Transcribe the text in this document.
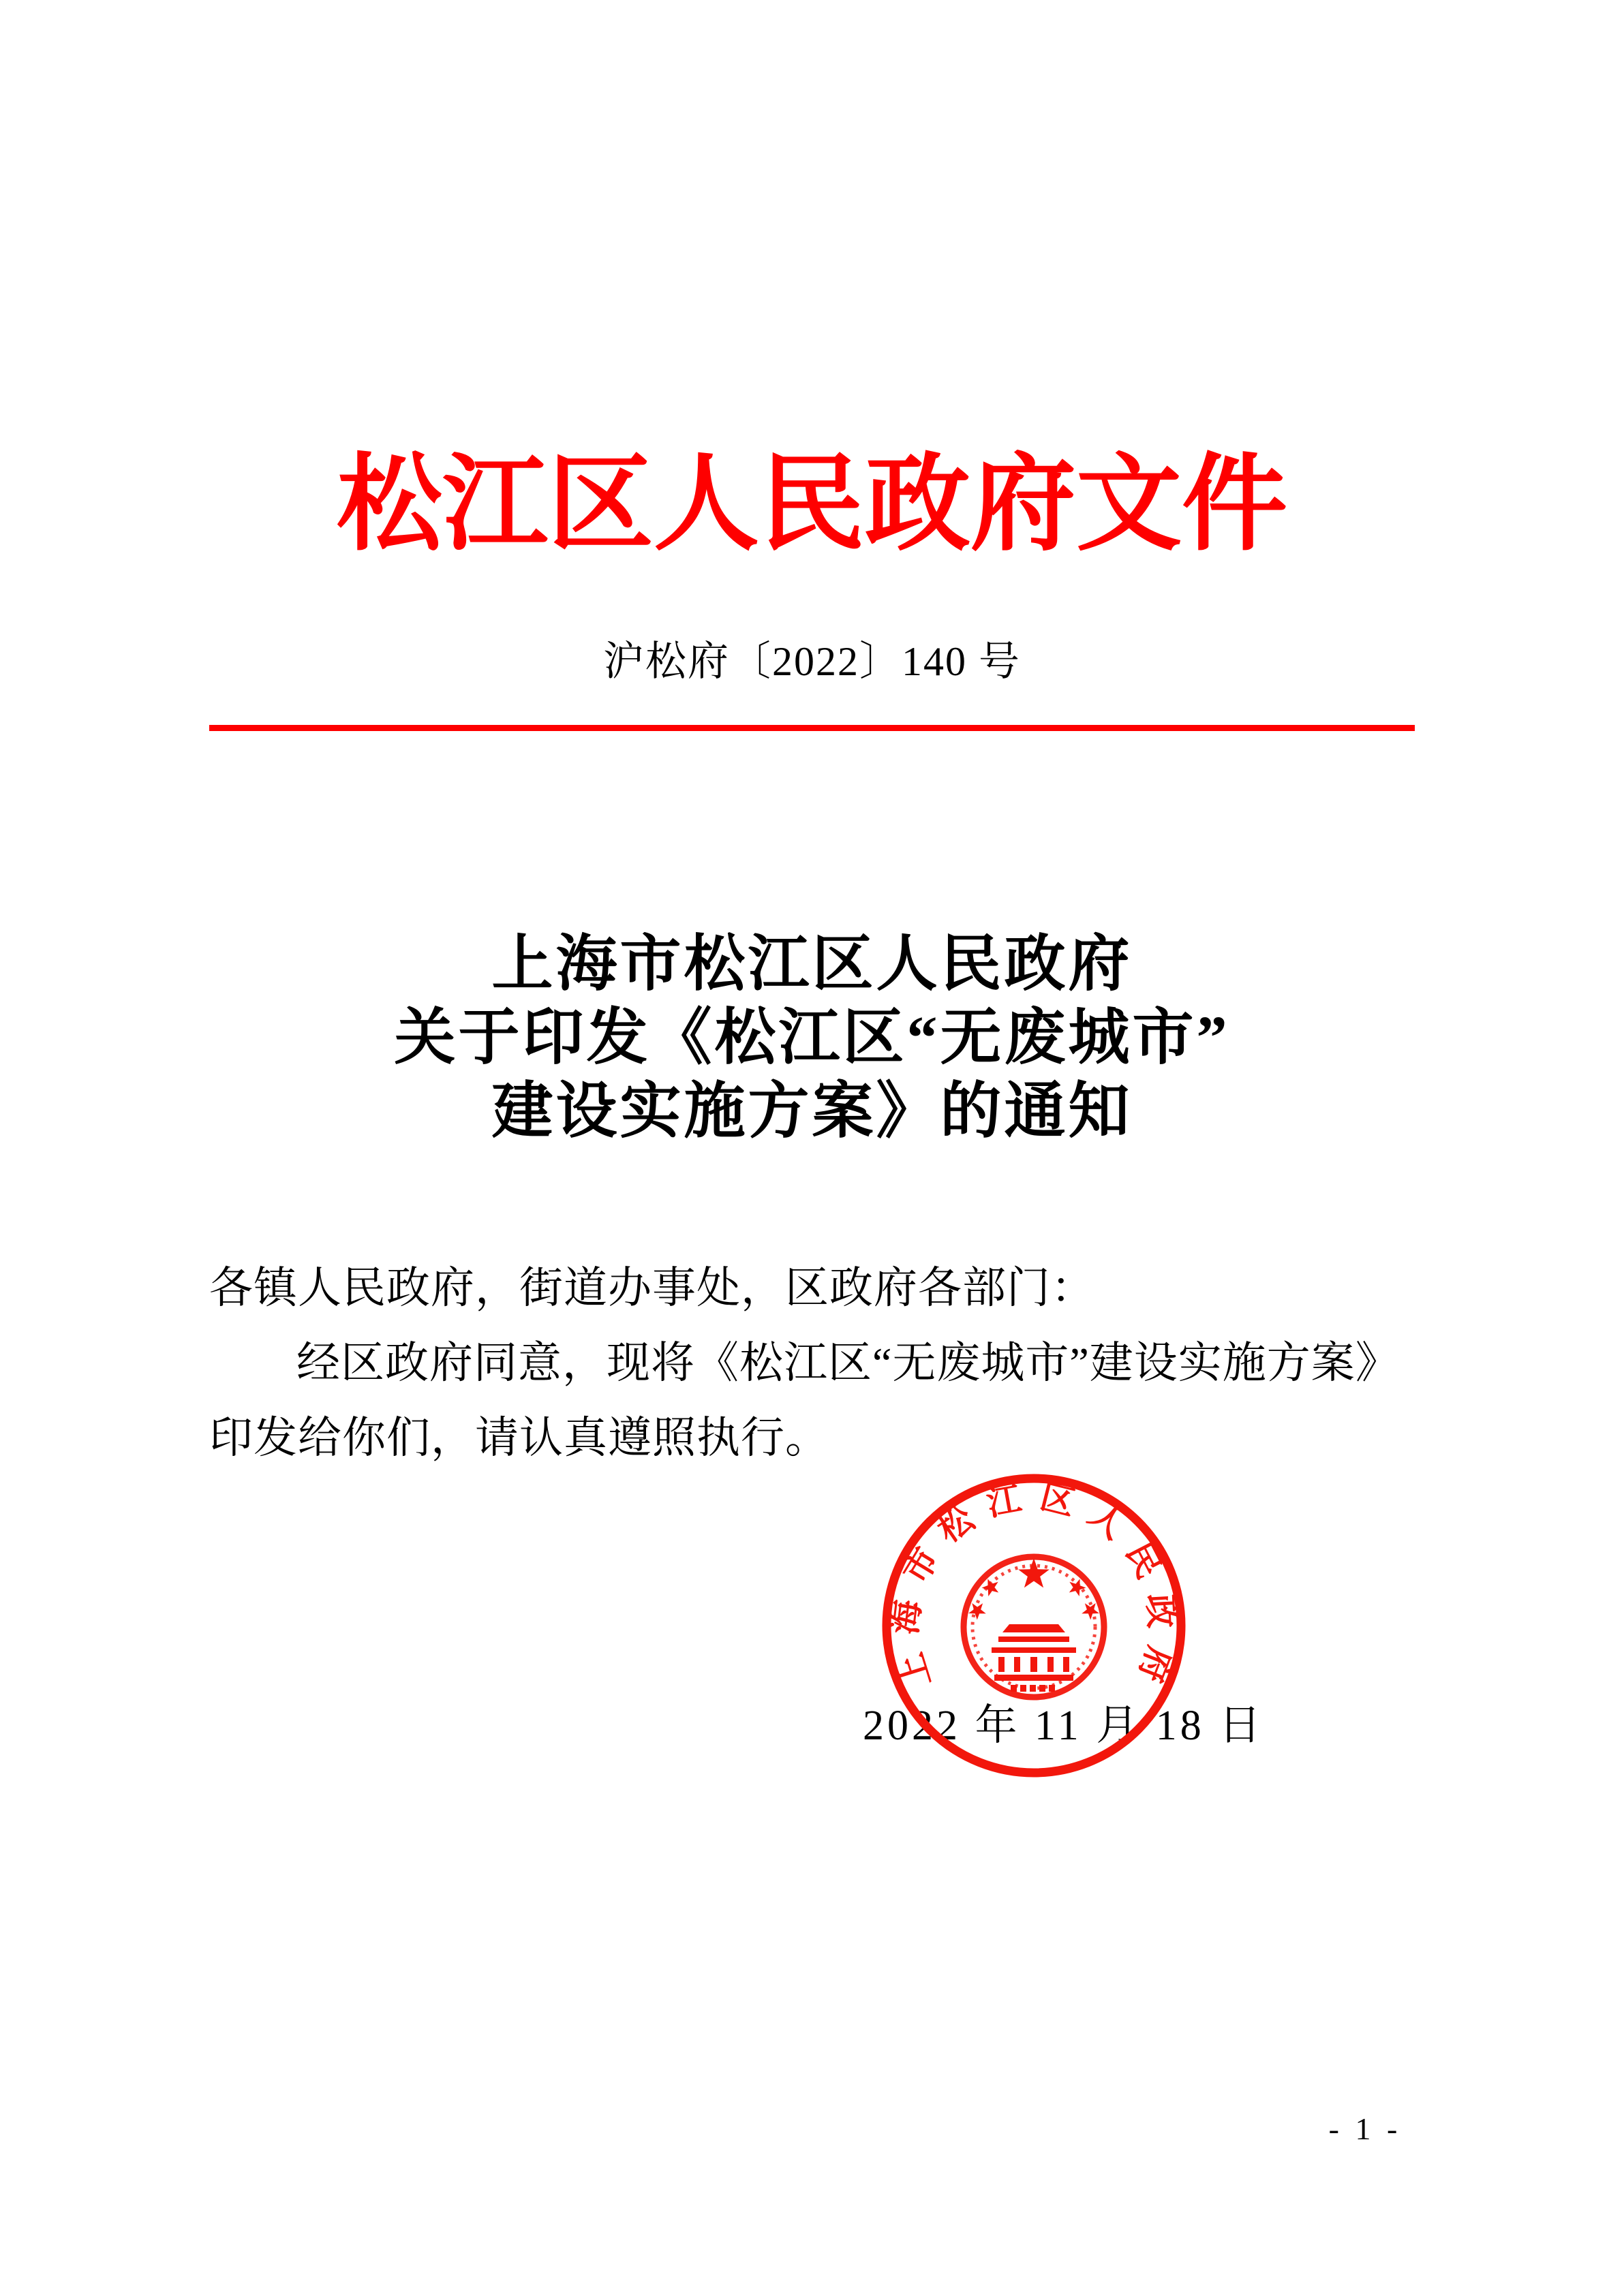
松江区人民政府文件
沪松府〔2022〕140 号
上海市松江区人民政府
关于印发《松江区“无废城市”
建设实施方案》的通知
各镇人民政府，街道办事处，区政府各部门：
经区政府同意，现将《松江区“无废城市”建设实施方案》
印发给你们，请认真遵照执行。
2022 年 11 月 18 日
上海市松江区人民政府
- 1 -
